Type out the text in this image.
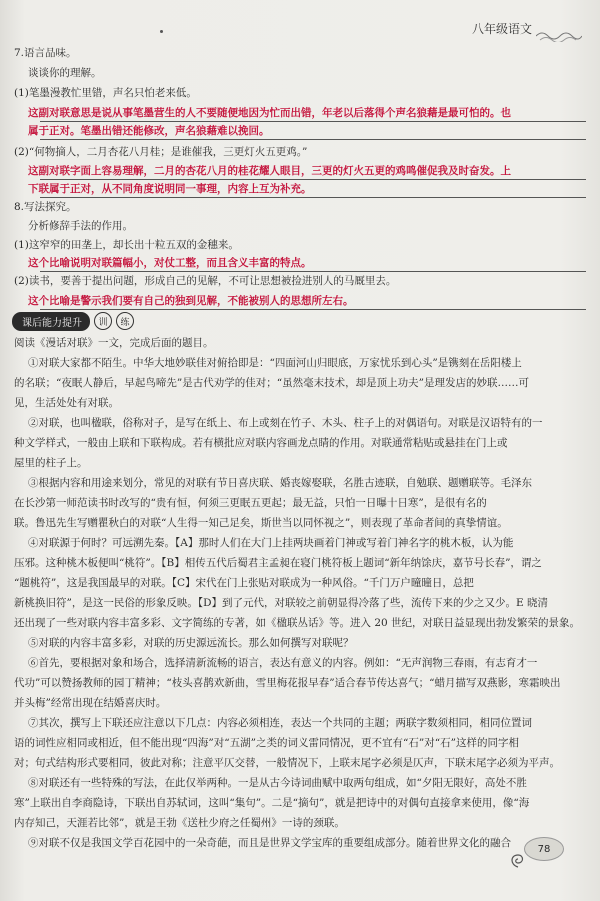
八年级语文
7.语言品味。
谈谈你的理解。
(1)笔墨漫教忙里错，声名只怕老来低。
这副对联意思是说从事笔墨营生的人不要随便地因为忙而出错，年老以后落得个声名狼藉是最可怕的。也
属于正对。笔墨出错还能修改，声名狼藉难以挽回。
(2)“何物摘人，二月杏花八月桂；是谁催我，三更灯火五更鸡。”
这副对联字面上容易理解，二月的杏花八月的桂花耀人眼目，三更的灯火五更的鸡鸣催促我及时奋发。上
下联属于正对，从不同角度说明同一事理，内容上互为补充。
8.写法探究。
分析修辞手法的作用。
(1)这窄窄的田垄上，却长出十粒五双的金穗来。
这个比喻说明对联篇幅小，对仗工整，而且含义丰富的特点。
(2)读书，要善于提出问题，形成自己的见解，不可让思想被捡进别人的马厩里去。
这个比喻是警示我们要有自己的独到见解，不能被别人的思想所左右。
课后能力提升	训	练
阅读《漫话对联》一文，完成后面的题目。
①对联大家都不陌生。中华大地妙联佳对俯拾即是：“四面河山归眼底，万家忧乐到心头”是镌刻在岳阳楼上
的名联；“夜眠人静后，早起鸟啼先”是古代劝学的佳对；“虽然毫末技术，却是顶上功夫”是理发店的妙联……可
见，生活处处有对联。
②对联，也叫楹联，俗称对子，是写在纸上、布上或刻在竹子、木头、柱子上的对偶语句。对联是汉语特有的一
种文学样式，一般由上联和下联构成。若有横批应对联内容画龙点睛的作用。对联通常粘贴或悬挂在门上或
屋里的柱子上。
③根据内容和用途来划分，常见的对联有节日喜庆联、婚丧嫁娶联，名胜古迹联，自勉联、题赠联等。毛泽东
在长沙第一师范读书时改写的“贵有恒，何须三更眠五更起；最无益，只怕一日曝十日寒”，是很有名的
联。鲁迅先生写赠瞿秋白的对联“人生得一知己足矣，斯世当以同怀视之”，则表现了革命者间的真挚情谊。
④对联源于何时？可远溯先秦。【A】那时人们在大门上挂两块画着门神或写着门神名字的桃木板，认为能
压邪。这种桃木板便叫“桃符”。【B】相传五代后蜀君主孟昶在寝门桃符板上题词“新年纳馀庆，嘉节号长春”，谓之
“题桃符”，这是我国最早的对联。【C】宋代在门上张贴对联成为一种风俗。“千门万户曈曈日，总把
新桃换旧符”，是这一民俗的形象反映。【D】到了元代，对联较之前朝显得冷落了些，流传下来的少之又少。E 晓清
还出现了一些对联内容丰富多彩、文字简练的专著，如《楹联丛话》等。进入 20 世纪，对联日益显现出勃发繁荣的景象。
⑤对联的内容丰富多彩，对联的历史源远流长。那么如何撰写对联呢？
⑥首先，要根据对象和场合，选择清新流畅的语言，表达有意义的内容。例如：“无声润物三春雨，有志育才一
代功”可以赞扬教师的园丁精神；“枝头喜鹊欢新曲，雪里梅花报早春”适合春节传达喜气；“蜡月描写双燕影，寒霜映出
并头梅”经常出现在结婚喜庆时。
⑦其次，撰写上下联还应注意以下几点：内容必须相连，表达一个共同的主题；两联字数须相同，相同位置词
语的词性应相同或相近，但不能出现“四海”对“五湖”之类的词义雷同情况，更不宜有“石”对“石”这样的同字相
对；句式结构形式要相同，彼此对称；注意平仄交替，一般情况下，上联末尾字必须是仄声，下联末尾字必须为平声。
⑧对联还有一些特殊的写法，在此仅举两种。一是从古今诗词曲赋中取两句组成，如“夕阳无限好，高处不胜
寒”上联出自李商隐诗，下联出自苏轼词，这叫“集句”。二是“摘句”，就是把诗中的对偶句直接拿来使用，像“海
内存知己，天涯若比邻”，就是王勃《送杜少府之任蜀州》一诗的颈联。
⑨对联不仅是我国文学百花园中的一朵奇葩，而且是世界文学宝库的重要组成部分。随着世界文化的融合	78
